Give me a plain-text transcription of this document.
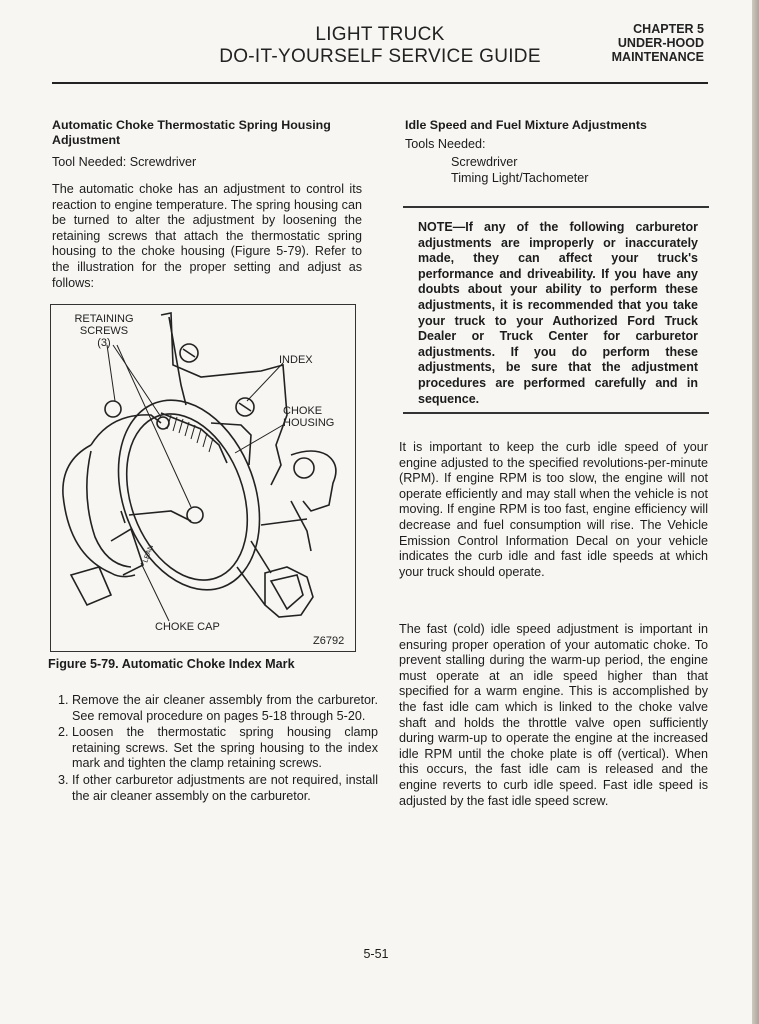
LIGHT TRUCK
DO-IT-YOURSELF SERVICE GUIDE
CHAPTER 5
UNDER-HOOD
MAINTENANCE
Automatic Choke Thermostatic Spring Housing Adjustment

Tool Needed: Screwdriver

The automatic choke has an adjustment to control its reaction to engine temperature. The spring housing can be turned to alter the adjustment by loosening the retaining screws that attach the thermostatic spring housing to the choke housing (Figure 5-79). Refer to the illustration for the proper setting and adjust as follows:

LEAN
RETAINING
SCREWS
(3)
INDEX
CHOKE
HOUSING
CHOKE CAP
Z6792
Figure 5-79. Automatic Choke Index Mark
1. Remove the air cleaner assembly from the carburetor. See removal procedure on pages 5-18 through 5-20.
2. Loosen the thermostatic spring housing clamp retaining screws. Set the spring housing to the index mark and tighten the clamp retaining screws.
3. If other carburetor adjustments are not required, install the air cleaner assembly on the carburetor.
Idle Speed and Fuel Mixture Adjustments
Tools Needed:
Screwdriver
Timing Light/Tachometer
NOTE—If any of the following carburetor adjustments are improperly or inaccurately made, they can affect your truck's performance and driveability. If you have any doubts about your ability to perform these adjustments, it is recommended that you take your truck to your Authorized Ford Truck Dealer or Truck Center for carburetor adjustments. If you do perform these adjustments, be sure that the adjustment procedures are performed carefully and in sequence.

It is important to keep the curb idle speed of your engine adjusted to the specified revolutions-per-minute (RPM). If engine RPM is too slow, the engine will not operate efficiently and may stall when the vehicle is not moving. If engine RPM is too fast, engine efficiency will decrease and fuel consumption will rise. The Vehicle Emission Control Information Decal on your vehicle indicates the curb idle and fast idle speeds at which your truck should operate.

The fast (cold) idle speed adjustment is important in ensuring proper operation of your automatic choke. To prevent stalling during the warm-up period, the engine must operate at an idle speed higher than that specified for a warm engine. This is accomplished by the fast idle cam which is linked to the choke valve shaft and holds the throttle valve open sufficiently during warm-up to operate the engine at the increased idle RPM until the choke plate is off (vertical). When this occurs, the fast idle cam is released and the engine reverts to curb idle speed. Fast idle speed is adjusted by the fast idle speed screw.

5-51
